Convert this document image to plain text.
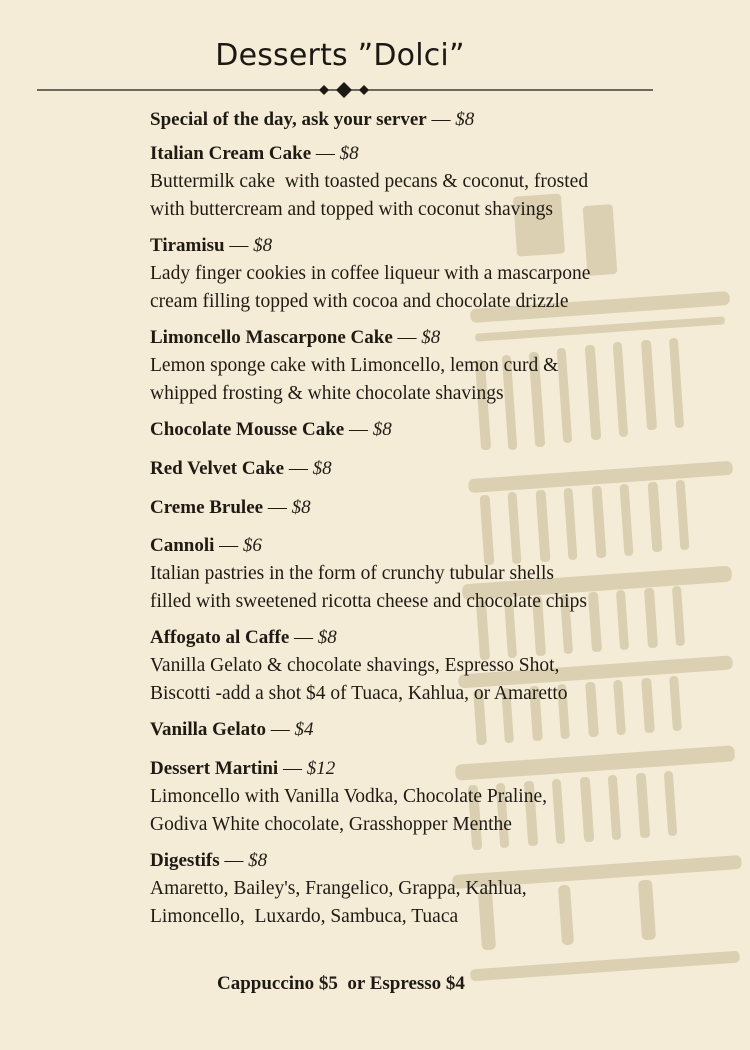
Desserts ”Dolci”
Special of the day, ask your server — $8
Italian Cream Cake — $8
Buttermilk cake  with toasted pecans & coconut, frosted
with buttercream and topped with coconut shavings
Tiramisu — $8
Lady finger cookies in coffee liqueur with a mascarpone
cream filling topped with cocoa and chocolate drizzle
Limoncello Mascarpone Cake — $8
Lemon sponge cake with Limoncello, lemon curd &
whipped frosting & white chocolate shavings
Chocolate Mousse Cake — $8
Red Velvet Cake — $8
Creme Brulee — $8
Cannoli — $6
Italian pastries in the form of crunchy tubular shells
filled with sweetened ricotta cheese and chocolate chips
Affogato al Caffe — $8
Vanilla Gelato & chocolate shavings, Espresso Shot,
Biscotti -add a shot $4 of Tuaca, Kahlua, or Amaretto
Vanilla Gelato — $4
Dessert Martini — $12
Limoncello with Vanilla Vodka, Chocolate Praline,
Godiva White chocolate, Grasshopper Menthe
Digestifs — $8
Amaretto, Bailey's, Frangelico, Grappa, Kahlua,
Limoncello,  Luxardo, Sambuca, Tuaca
Cappuccino $5  or Espresso $4
